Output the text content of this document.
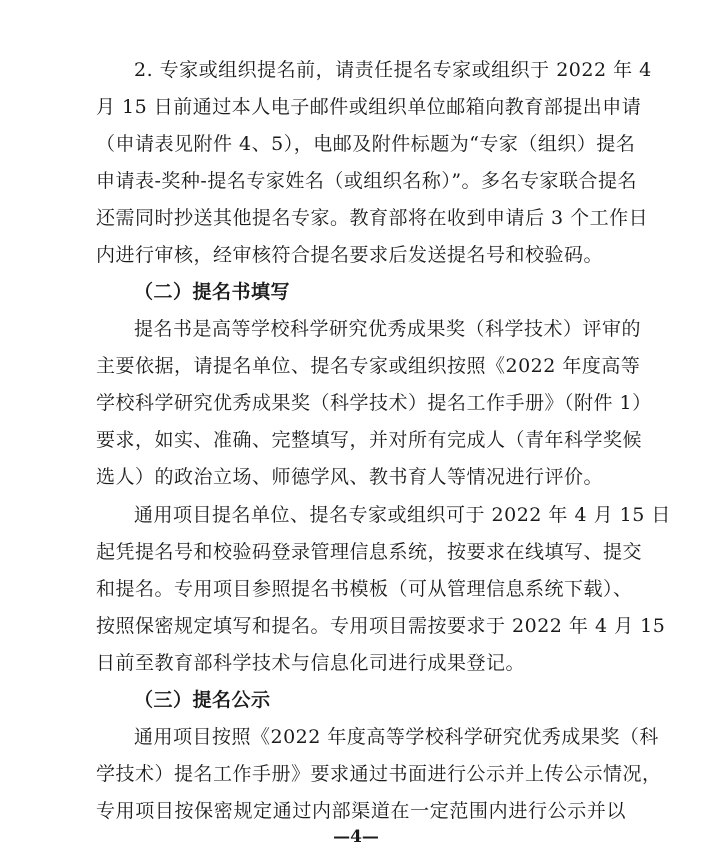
2. 专家或组织提名前，请责任提名专家或组织于 2022 年 4
月 15 日前通过本人电子邮件或组织单位邮箱向教育部提出申请
（申请表见附件 4、5），电邮及附件标题为“专家（组织）提名
申请表-奖种-提名专家姓名（或组织名称）”。多名专家联合提名
还需同时抄送其他提名专家。教育部将在收到申请后 3 个工作日
内进行审核，经审核符合提名要求后发送提名号和校验码。
（二）提名书填写
提名书是高等学校科学研究优秀成果奖（科学技术）评审的
主要依据，请提名单位、提名专家或组织按照《2022 年度高等
学校科学研究优秀成果奖（科学技术）提名工作手册》（附件 1）
要求，如实、准确、完整填写，并对所有完成人（青年科学奖候
选人）的政治立场、师德学风、教书育人等情况进行评价。
通用项目提名单位、提名专家或组织可于 2022 年 4 月 15 日
起凭提名号和校验码登录管理信息系统，按要求在线填写、提交
和提名。专用项目参照提名书模板（可从管理信息系统下载）、
按照保密规定填写和提名。专用项目需按要求于 2022 年 4 月 15
日前至教育部科学技术与信息化司进行成果登记。
（三）提名公示
通用项目按照《2022 年度高等学校科学研究优秀成果奖（科
学技术）提名工作手册》要求通过书面进行公示并上传公示情况，
专用项目按保密规定通过内部渠道在一定范围内进行公示并以
—4—
